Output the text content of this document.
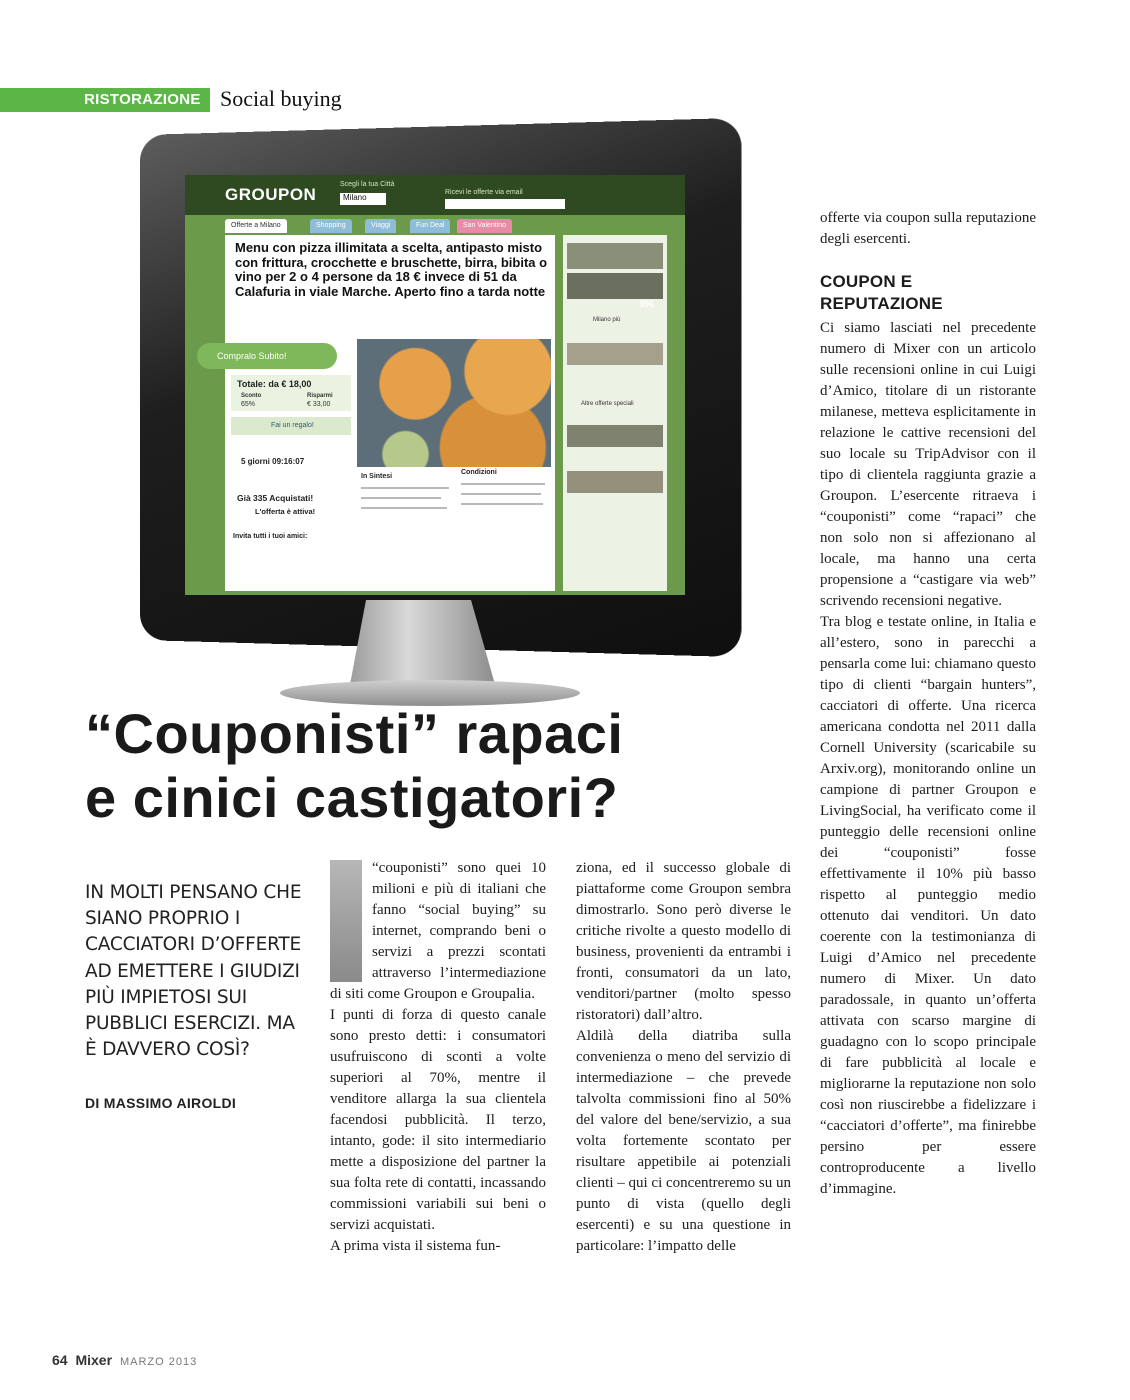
RISTORAZIONE Social buying
GROUPON
Scegli la tua Città
Milano
Ricevi le offerte via email
Offerte a Milano	Shopping	Viaggi	Fun Deal	San Valentino
Menu con pizza illimitata a scelta, antipasto misto con frittura, crocchette e bruschette, birra, bibita o vino per 2 o 4 persone da 18 € invece di 51 da Calafuria in viale Marche. Aperto fino a tarda notte
Compralo Subito!
Totale: da € 18,00
Sconto
65%
Risparmi
€ 33,00
Fai un regalo!
5 giorni 09:16:07
Già 335 Acquistati!
L'offerta è attiva!
Invita tutti i tuoi amici:
In Sintesi
Condizioni
39€
Milano più
Altre offerte speciali
“Couponisti” rapaci
e cinici castigatori?
IN MOLTI PENSANO CHE SIANO PROPRIO I CACCIATORI D’OFFERTE AD EMETTERE I GIUDIZI PIÙ IMPIETOSI SUI PUBBLICI ESERCIZI. MA È DAVVERO COSÌ?
DI MASSIMO AIROLDI

“couponisti” sono quei 10 milioni e più di italiani che fanno “social buying” su internet, comprando beni o servizi a prezzi scontati attraverso l’intermediazione di siti come Groupon e Groupalia.

I punti di forza di questo canale sono presto detti: i consumatori usufruiscono di sconti a volte superiori al 70%, mentre il venditore allarga la sua clientela facendosi pubblicità. Il terzo, intanto, gode: il sito intermediario mette a disposizione del partner la sua folta rete di contatti, incassando commissioni variabili sui beni o servizi acquistati.

A prima vista il sistema fun-

ziona, ed il successo globale di piattaforme come Groupon sembra dimostrarlo. Sono però diverse le critiche rivolte a questo modello di business, provenienti da entrambi i fronti, consumatori da un lato, venditori/partner (molto spesso ristoratori) dall’altro.

Aldilà della diatriba sulla convenienza o meno del servizio di intermediazione – che prevede talvolta commissioni fino al 50% del valore del bene/servizio, a sua volta fortemente scontato per risultare appetibile ai potenziali clienti – qui ci concentreremo su un punto di vista (quello degli esercenti) e su una questione in particolare: l’impatto delle

offerte via coupon sulla reputazione degli esercenti.

COUPON E REPUTAZIONE

Ci siamo lasciati nel precedente numero di Mixer con un articolo sulle recensioni online in cui Luigi d’Amico, titolare di un ristorante milanese, metteva esplicitamente in relazione le cattive recensioni del suo locale su TripAdvisor con il tipo di clientela raggiunta grazie a Groupon. L’esercente ritraeva i “couponisti” come “rapaci” che non solo non si affezionano al locale, ma hanno una certa propensione a “castigare via web” scrivendo recensioni negative.

Tra blog e testate online, in Italia e all’estero, sono in parecchi a pensarla come lui: chiamano questo tipo di clienti “bargain hunters”, cacciatori di offerte. Una ricerca americana condotta nel 2011 dalla Cornell University (scaricabile su Arxiv.org), monitorando online un campione di partner Groupon e LivingSocial, ha verificato come il punteggio delle recensioni online dei “couponisti” fosse effettivamente il 10% più basso rispetto al punteggio medio ottenuto dai venditori. Un dato coerente con la testimonianza di Luigi d’Amico nel precedente numero di Mixer. Un dato paradossale, in quanto un’offerta attivata con scarso margine di guadagno con lo scopo principale di fare pubblicità al locale e migliorarne la reputazione non solo così non riuscirebbe a fidelizzare i “cacciatori d’offerte”, ma finirebbe persino per essere controproducente a livello d’immagine.

64 Mixer MARZO 2013
